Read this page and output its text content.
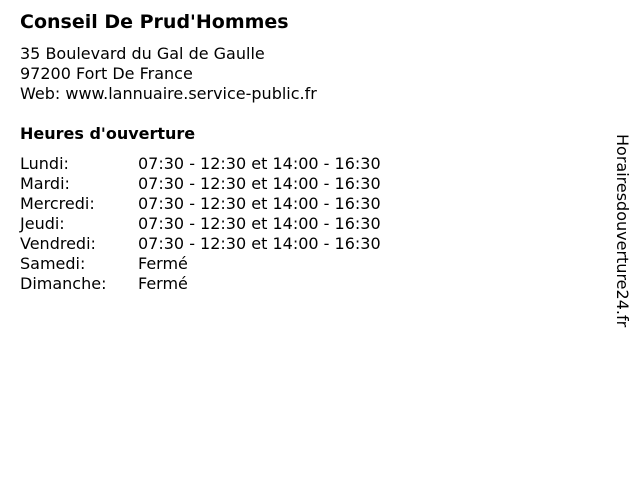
Conseil De Prud'Hommes
35 Boulevard du Gal de Gaulle
97200 Fort De France
Web: www.lannuaire.service-public.fr
Heures d'ouverture
Lundi:	07:30 - 12:30 et 14:00 - 16:30
Mardi:	07:30 - 12:30 et 14:00 - 16:30
Mercredi:	07:30 - 12:30 et 14:00 - 16:30
Jeudi:	07:30 - 12:30 et 14:00 - 16:30
Vendredi:	07:30 - 12:30 et 14:00 - 16:30
Samedi:	Fermé
Dimanche: Fermé	Horairesdouverture24.fr
